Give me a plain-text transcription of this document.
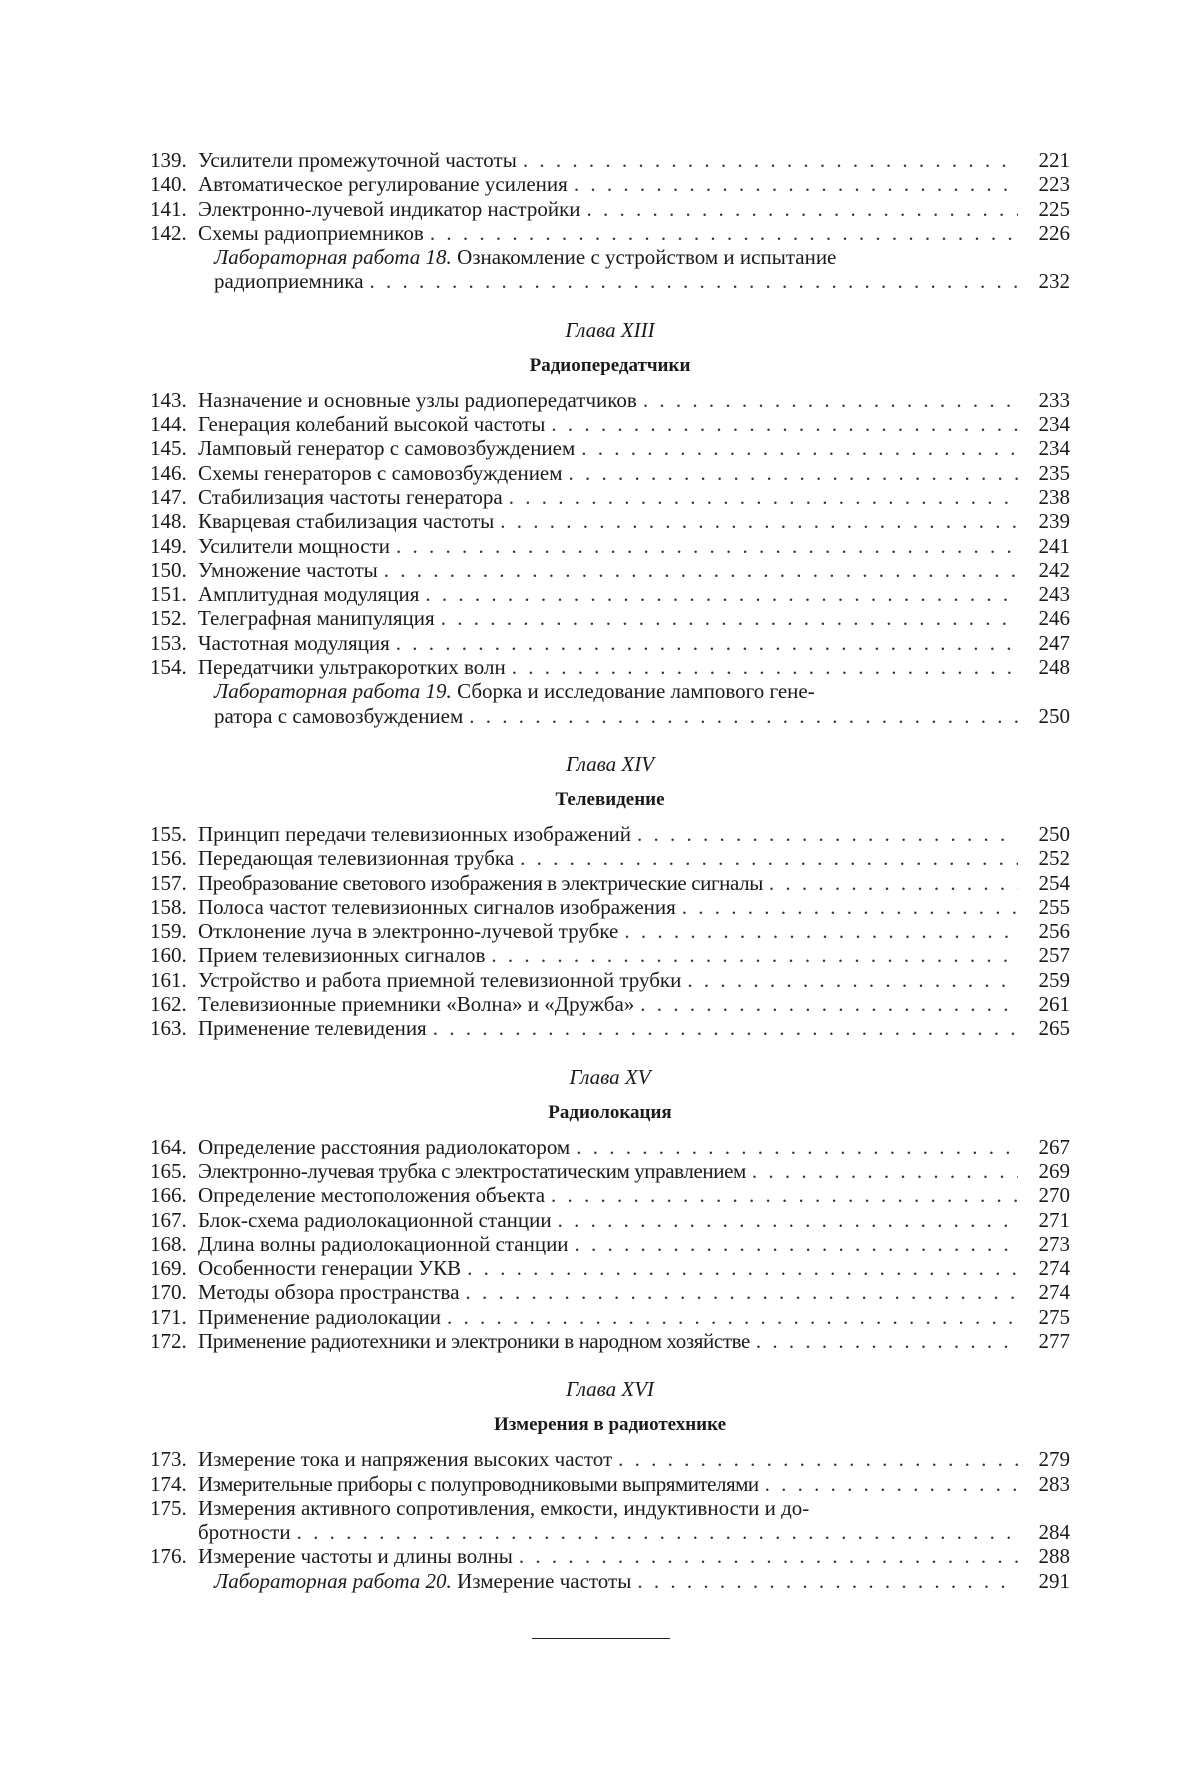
139. Усилители промежуточной частоты . . .	221
140. Автоматическое регулирование усиления . . .	223
141. Электронно-лучевой индикатор настройки . . .	225
142. Схемы радиоприемников . . .	226
Лабораторная работа 18. Ознакомление с устройством и испытание
радиоприемника . . .	232
Глава XIII
Радиопередатчики
143. Назначение и основные узлы радиопередатчиков . . .	233
144. Генерация колебаний высокой частоты . . .	234
145. Ламповый генератор с самовозбуждением . . .	234
146. Схемы генераторов с самовозбуждением . . .	235
147. Стабилизация частоты генератора . . .	238
148. Кварцевая стабилизация частоты . . .	239
149. Усилители мощности . . .	241
150. Умножение частоты . . .	242
151. Амплитудная модуляция . . .	243
152. Телеграфная манипуляция . . .	246
153. Частотная модуляция . . .	247
154. Передатчики ультракоротких волн . . .	248
Лабораторная работа 19. Сборка и исследование лампового гене-
ратора с самовозбуждением . . .	250
Глава XIV
Телевидение
155. Принцип передачи телевизионных изображений . . .	250
156. Передающая телевизионная трубка . . .	252
157. Преобразование светового изображения в электрические сигналы . . .	254
158. Полоса частот телевизионных сигналов изображения . . .	255
159. Отклонение луча в электронно-лучевой трубке . . .	256
160. Прием телевизионных сигналов . . .	257
161. Устройство и работа приемной телевизионной трубки . . .	259
162. Телевизионные приемники «Волна» и «Дружба» . . .	261
163. Применение телевидения . . .	265
Глава XV
Радиолокация
164. Определение расстояния радиолокатором . . .	267
165. Электронно-лучевая трубка с электростатическим управлением . . .	269
166. Определение местоположения объекта . . .	270
167. Блок-схема радиолокационной станции . . .	271
168. Длина волны радиолокационной станции . . .	273
169. Особенности генерации УКВ . . .	274
170. Методы обзора пространства . . .	274
171. Применение радиолокации . . .	275
172. Применение радиотехники и электроники в народном хозяйстве . . .	277
Глава XVI
Измерения в радиотехнике
173. Измерение тока и напряжения высоких частот . . .	279
174. Измерительные приборы с полупроводниковыми выпрямителями . . .	283
175. Измерения активного сопротивления, емкости, индуктивности и до-
бротности . . .	284
176. Измерение частоты и длины волны . . .	288
Лабораторная работа 20. Измерение частоты . . .	291
